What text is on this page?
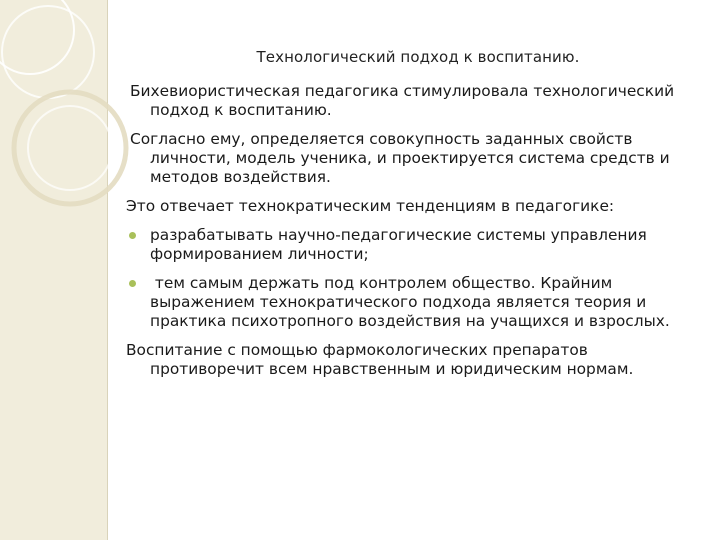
Технологический подход к воспитанию.
Бихевиористическая педагогика стимулировала технологический подход к воспитанию.
Согласно ему, определяется совокупность заданных свойств личности, модель ученика, и проектируется система средств и методов воздействия.
Это отвечает технократическим тенденциям в педагогике:
разрабатывать научно-педагогические системы управления формированием личности;
тем самым держать под контролем общество. Крайним выражением технократического подхода является теория и практика психотропного воздействия на учащихся и взрослых.
Воспитание с помощью фармокологических препаратов противоречит всем нравственным и юридическим нормам.
